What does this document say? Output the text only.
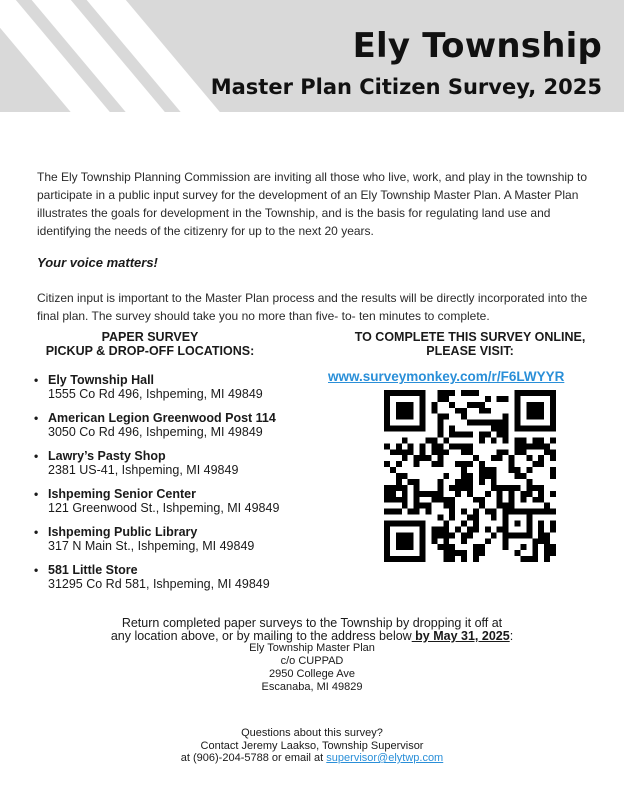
Ely Township
Master Plan Citizen Survey, 2025

The Ely Township Planning Commission are inviting all those who live, work, and play in the township to participate in a public input survey for the development of an Ely Township Master Plan. A Master Plan illustrates the goals for development in the Township, and is the basis for regulating land use and identifying the needs of the citizenry for up to the next 20 years.

Your voice matters!

Citizen input is important to the Master Plan process and the results will be directly incorporated into the final plan. The survey should take you no more than five- to- ten minutes to complete.

PAPER SURVEY
PICKUP & DROP-OFF LOCATIONS:
TO COMPLETE THIS SURVEY ONLINE,
PLEASE VISIT:
www.surveymonkey.com/r/F6LWYYR
• Ely Township Hall
1555 Co Rd 496, Ishpeming, MI 49849
• American Legion Greenwood Post 114
3050 Co Rd 496, Ishpeming, MI 49849
• Lawry’s Pasty Shop
2381 US-41, Ishpeming, MI 49849
• Ishpeming Senior Center
121 Greenwood St., Ishpeming, MI 49849
• Ishpeming Public Library
317 N Main St., Ishpeming, MI 49849
• 581 Little Store
31295 Co Rd 581, Ishpeming, MI 49849
Return completed paper surveys to the Township by dropping it off at
any location above, or by mailing to the address below by May 31, 2025:
Ely Township Master Plan
c/o CUPPAD
2950 College Ave
Escanaba, MI 49829
Questions about this survey?
Contact Jeremy Laakso, Township Supervisor
at (906)-204-5788 or email at supervisor@elytwp.com
